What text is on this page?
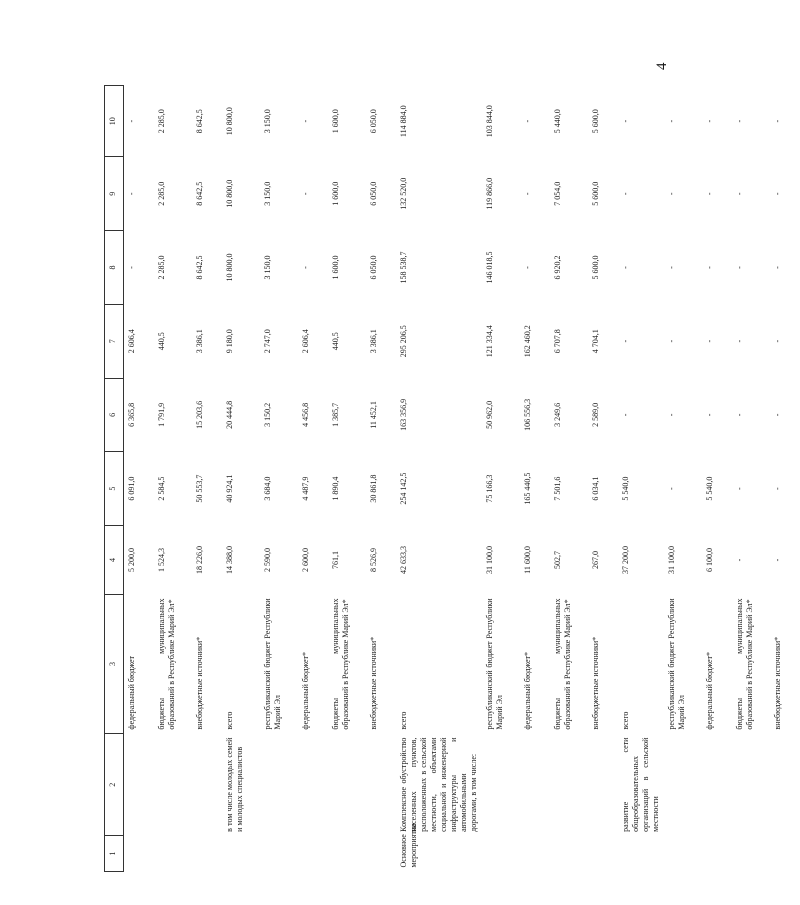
4
1	2	3	4	5	6	7	8	9	10
		федеральный бюджет	5 200,0	6 091,0	6 365,8	2 606,4	-	-	-
		бюджеты муниципальных образований в Республике Марий Эл*	1 524,3	2 584,5	1 791,9	440,5	2 285,0	2 285,0	2 285,0
		внебюджетные источники*	18 226,0	50 553,7	15 203,6	3 386,1	8 642,5	8 642,5	8 642,5
	в том числе молодых семей и молодых специалистов	всего	14 388,0	40 924,1	20 444,8	9 180,0	10 800,0	10 800,0	10 800,0
		республиканский бюджет Республики Марий Эл	2 590,0	3 684,0	3 150,2	2 747,0	3 150,0	3 150,0	3 150,0
		федеральный бюджет*	2 600,0	4 487,9	4 456,8	2 606,4	-	-	-
		бюджеты муниципальных образований в Республике Марий Эл*	761,1	1 890,4	1 385,7	440,5	1 600,0	1 600,0	1 600,0
		внебюджетные источники*	8 526,9	30 861,8	11 452,1	3 386,1	6 050,0	6 050,0	6 050,0
Основное мероприятие	Комплексное обустройство населенных пунктов, расположенных в сельской местности, объектами социальной и инженерной инфраструктуры и автомобильными дорогами, в том числе:	всего	42 633,3	254 142,5	163 356,9	295 206,5	158 538,7	132 520,0	114 884,0
		республиканский бюджет Республики Марий Эл	31 100,0	75 166,3	50 962,0	121 334,4	146 018,5	119 866,0	103 844,0
		федеральный бюджет*	11 600,0	165 440,5	106 556,3	162 460,2	-	-	-
		бюджеты муниципальных образований в Республике Марий Эл*	502,7	7 501,6	3 249,6	6 707,8	6 920,2	7 054,0	5 440,0
		внебюджетные источники*	267,0	6 034,1	2 589,0	4 704,1	5 600,0	5 600,0	5 600,0
	развитие сети общеобразовательных организаций в сельской местности	всего	37 200,0	5 540,0	-	-	-	-	-
		республиканский бюджет Республики Марий Эл	31 100,0	-	-	-	-	-	-
		федеральный бюджет*	6 100,0	5 540,0	-	-	-	-	-
		бюджеты муниципальных образований в Республике Марий Эл*	-	-	-	-	-	-	-
		внебюджетные источники*	-	-	-	-	-	-	-
